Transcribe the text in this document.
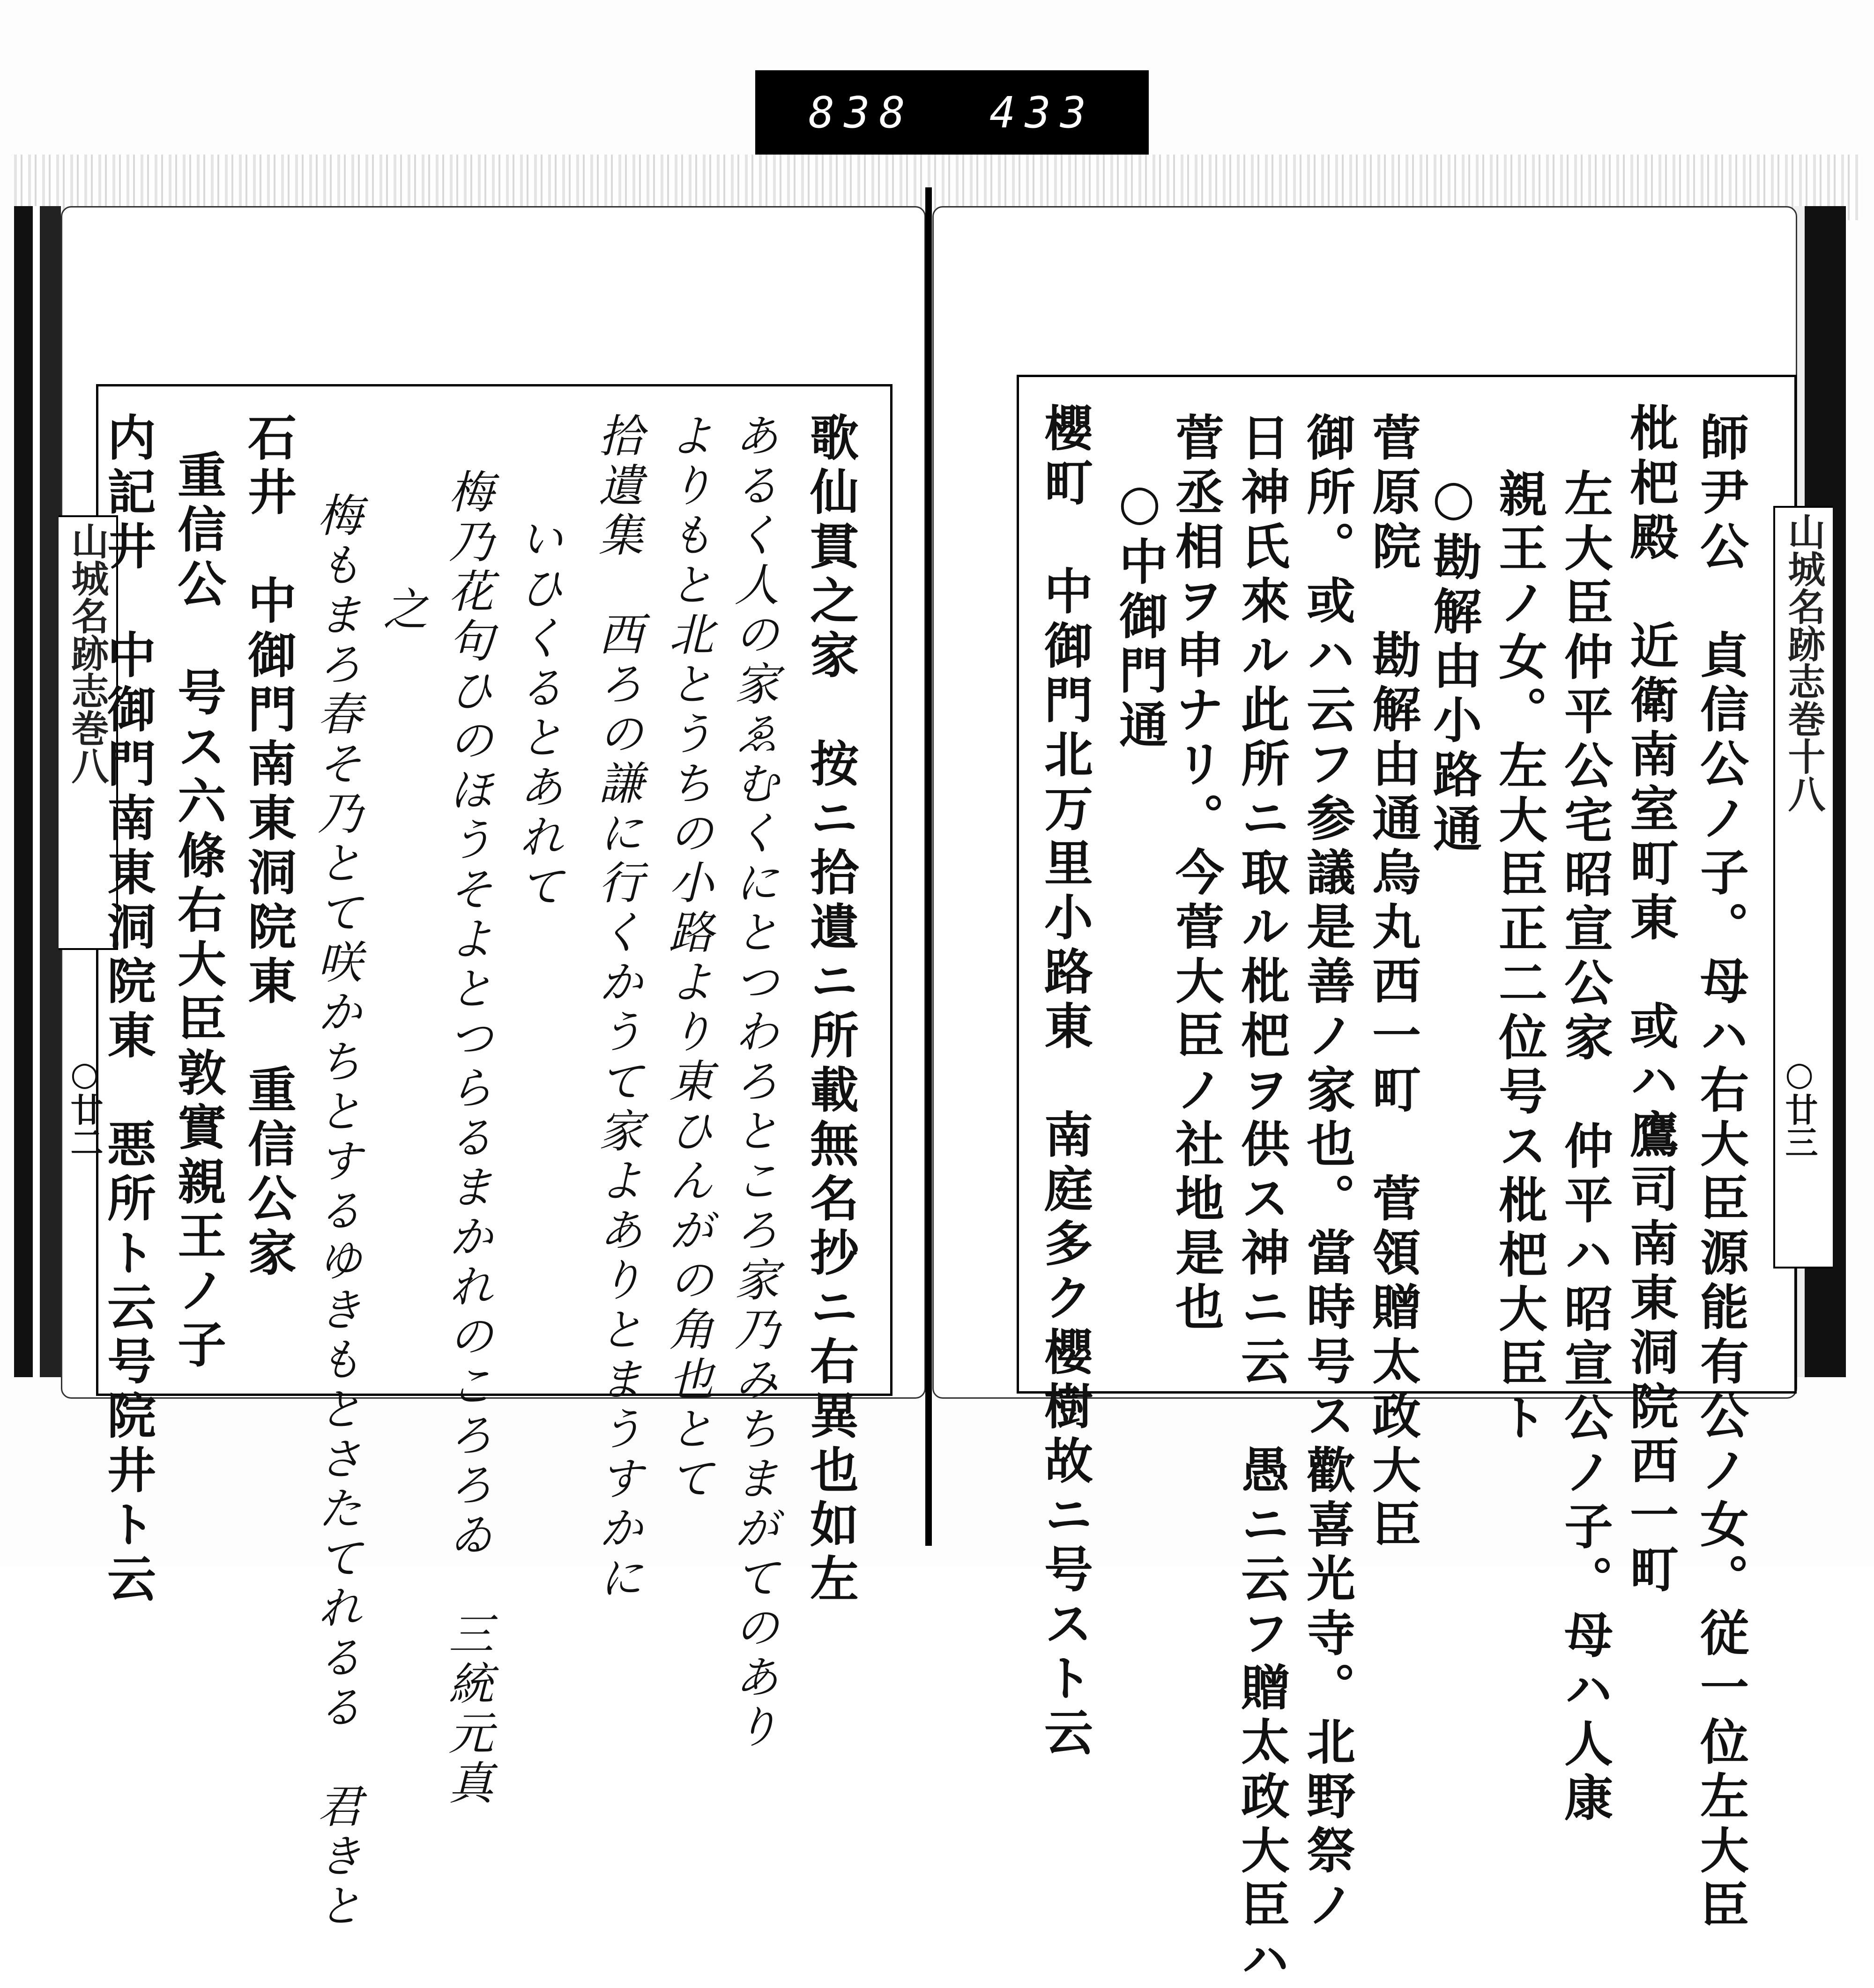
838 433
山城名跡志巻八	山城名跡志巻十八
○廿二	○廿三
歌仙貫之家　按ニ拾遺ニ所載無名抄ニ右異也如左
あるく人の家ゑむくにとつわろところ家乃みちまがてのあり
よりもと北とうちの小路より東ひんがの角也とて
拾遺集　西ろの謙に行くかうて家よありとまうすかに
いひくるとあれて
梅乃花句ひのほうそよとつらるまかれのころろゐ　三統元真
之
梅もまろ春そ乃とて咲かちとするゆきもとさたてれるる　君きと
石井　中御門南東洞院東　重信公家
重信公　号ス六條右大臣敦實親王ノ子
内記井　中御門南東洞院東　悪所ト云号院井ト云	師尹公　貞信公ノ子。母ハ右大臣源能有公ノ女。従一位左大臣
枇杷殿　近衛南室町東　或ハ鷹司南東洞院西一町
左大臣仲平公宅昭宣公家　仲平ハ昭宣公ノ子。母ハ人康
親王ノ女。左大臣正二位号ス枇杷大臣ト
○勘解由小路通
菅原院　勘解由通烏丸西一町　菅領贈太政大臣
御所。或ハ云フ参議是善ノ家也。當時号ス歡喜光寺。北野祭ノ
日神氏來ル此所ニ取ル枇杷ヲ供ス神ニ云　愚ニ云フ贈太政大臣ハ
菅丞相ヲ申ナリ。今菅大臣ノ社地是也
○中御門通
櫻町　中御門北万里小路東　南庭多ク櫻樹故ニ号スト云
